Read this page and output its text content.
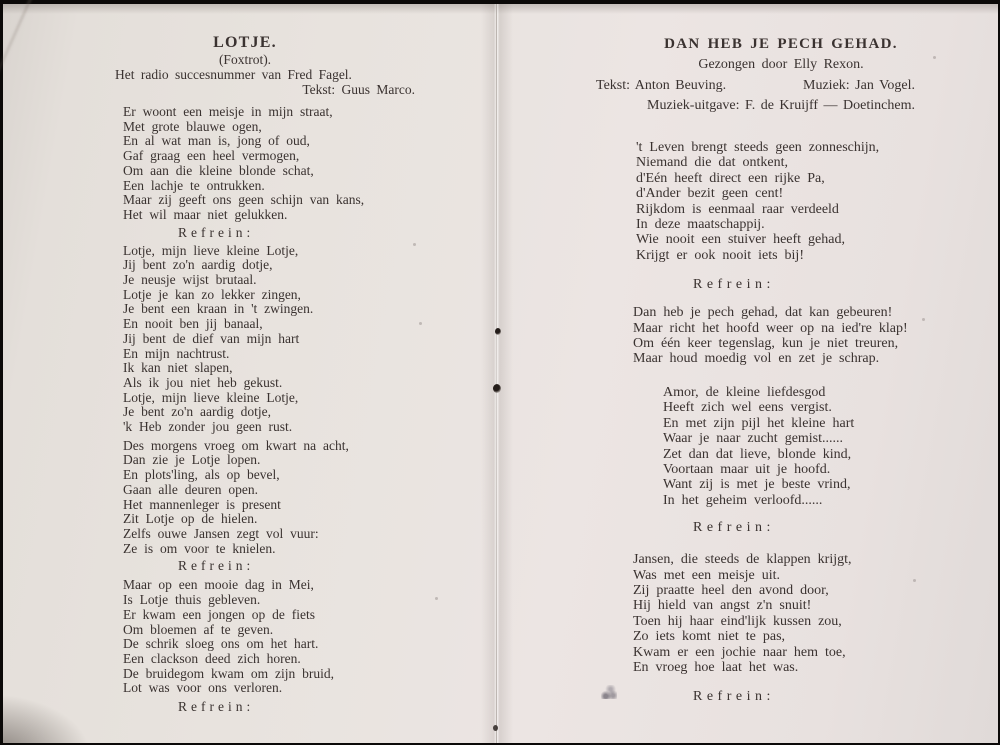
LOTJE.
(Foxtrot).
Het radio succesnummer van Fred Fagel.
Tekst: Guus Marco.
Er woont een meisje in mijn straat,
Met grote blauwe ogen,
En al wat man is, jong of oud,
Gaf graag een heel vermogen,
Om aan die kleine blonde schat,
Een lachje te ontrukken.
Maar zij geeft ons geen schijn van kans,
Het wil maar niet gelukken.
Refrein:
Lotje, mijn lieve kleine Lotje,
Jij bent zo'n aardig dotje,
Je neusje wijst brutaal.
Lotje je kan zo lekker zingen,
Je bent een kraan in 't zwingen.
En nooit ben jij banaal,
Jij bent de dief van mijn hart
En mijn nachtrust.
Ik kan niet slapen,
Als ik jou niet heb gekust.
Lotje, mijn lieve kleine Lotje,
Je bent zo'n aardig dotje,
'k Heb zonder jou geen rust.
Des morgens vroeg om kwart na acht,
Dan zie je Lotje lopen.
En plots'ling, als op bevel,
Gaan alle deuren open.
Het mannenleger is present
Zit Lotje op de hielen.
Zelfs ouwe Jansen zegt vol vuur:
Ze is om voor te knielen.
Refrein:
Maar op een mooie dag in Mei,
Is Lotje thuis gebleven.
Er kwam een jongen op de fiets
Om bloemen af te geven.
De schrik sloeg ons om het hart.
Een clackson deed zich horen.
De bruidegom kwam om zijn bruid,
Lot was voor ons verloren.
Refrein:
DAN HEB JE PECH GEHAD.
Gezongen door Elly Rexon.
Tekst: Anton Beuving.	Muziek: Jan Vogel.
Muziek-uitgave: F. de Kruijff — Doetinchem.
't Leven brengt steeds geen zonneschijn,
Niemand die dat ontkent,
d'Eén heeft direct een rijke Pa,
d'Ander bezit geen cent!
Rijkdom is eenmaal raar verdeeld
In deze maatschappij.
Wie nooit een stuiver heeft gehad,
Krijgt er ook nooit iets bij!
Refrein:
Dan heb je pech gehad, dat kan gebeuren!
Maar richt het hoofd weer op na ied're klap!
Om één keer tegenslag, kun je niet treuren,
Maar houd moedig vol en zet je schrap.
Amor, de kleine liefdesgod
Heeft zich wel eens vergist.
En met zijn pijl het kleine hart
Waar je naar zucht gemist......
Zet dan dat lieve, blonde kind,
Voortaan maar uit je hoofd.
Want zij is met je beste vrind,
In het geheim verloofd......
Refrein:
Jansen, die steeds de klappen krijgt,
Was met een meisje uit.
Zij praatte heel den avond door,
Hij hield van angst z'n snuit!
Toen hij haar eind'lijk kussen zou,
Zo iets komt niet te pas,
Kwam er een jochie naar hem toe,
En vroeg hoe laat het was.
Refrein:
